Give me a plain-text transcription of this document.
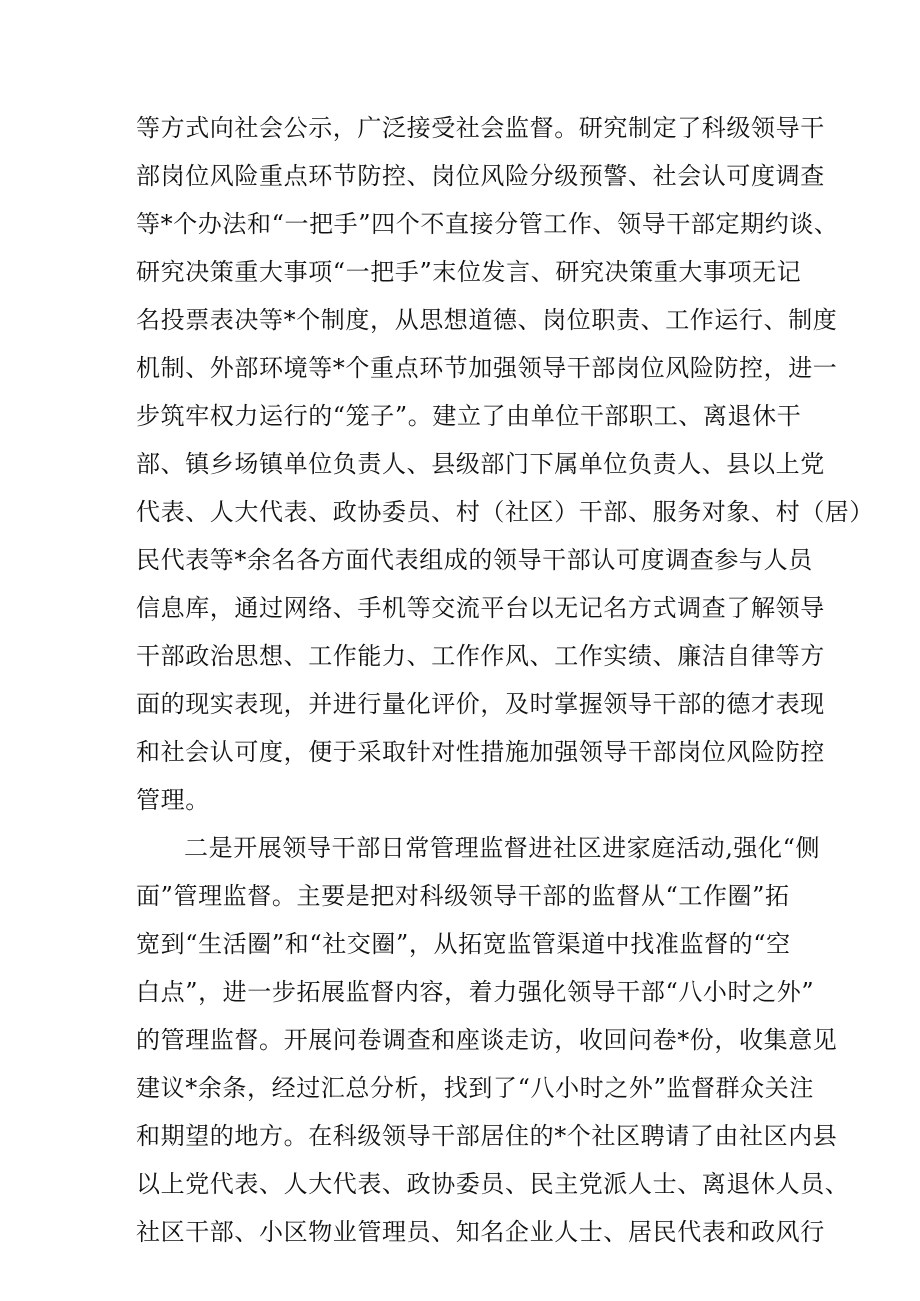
等方式向社会公示，广泛接受社会监督。研究制定了科级领导干
部岗位风险重点环节防控、岗位风险分级预警、社会认可度调查
等*个办法和“一把手”四个不直接分管工作、领导干部定期约谈、
研究决策重大事项“一把手”末位发言、研究决策重大事项无记
名投票表决等*个制度，从思想道德、岗位职责、工作运行、制度
机制、外部环境等*个重点环节加强领导干部岗位风险防控，进一
步筑牢权力运行的“笼子”。建立了由单位干部职工、离退休干
部、镇乡场镇单位负责人、县级部门下属单位负责人、县以上党
代表、人大代表、政协委员、村（社区）干部、服务对象、村（居）
民代表等*余名各方面代表组成的领导干部认可度调查参与人员
信息库，通过网络、手机等交流平台以无记名方式调查了解领导
干部政治思想、工作能力、工作作风、工作实绩、廉洁自律等方
面的现实表现，并进行量化评价，及时掌握领导干部的德才表现
和社会认可度，便于采取针对性措施加强领导干部岗位风险防控
管理。
二是开展领导干部日常管理监督进社区进家庭活动,强化“侧
面”管理监督。主要是把对科级领导干部的监督从“工作圈”拓
宽到“生活圈”和“社交圈”，从拓宽监管渠道中找准监督的“空
白点”，进一步拓展监督内容，着力强化领导干部“八小时之外”
的管理监督。开展问卷调查和座谈走访，收回问卷*份，收集意见
建议*余条，经过汇总分析，找到了“八小时之外”监督群众关注
和期望的地方。在科级领导干部居住的*个社区聘请了由社区内县
以上党代表、人大代表、政协委员、民主党派人士、离退休人员、
社区干部、小区物业管理员、知名企业人士、居民代表和政风行
